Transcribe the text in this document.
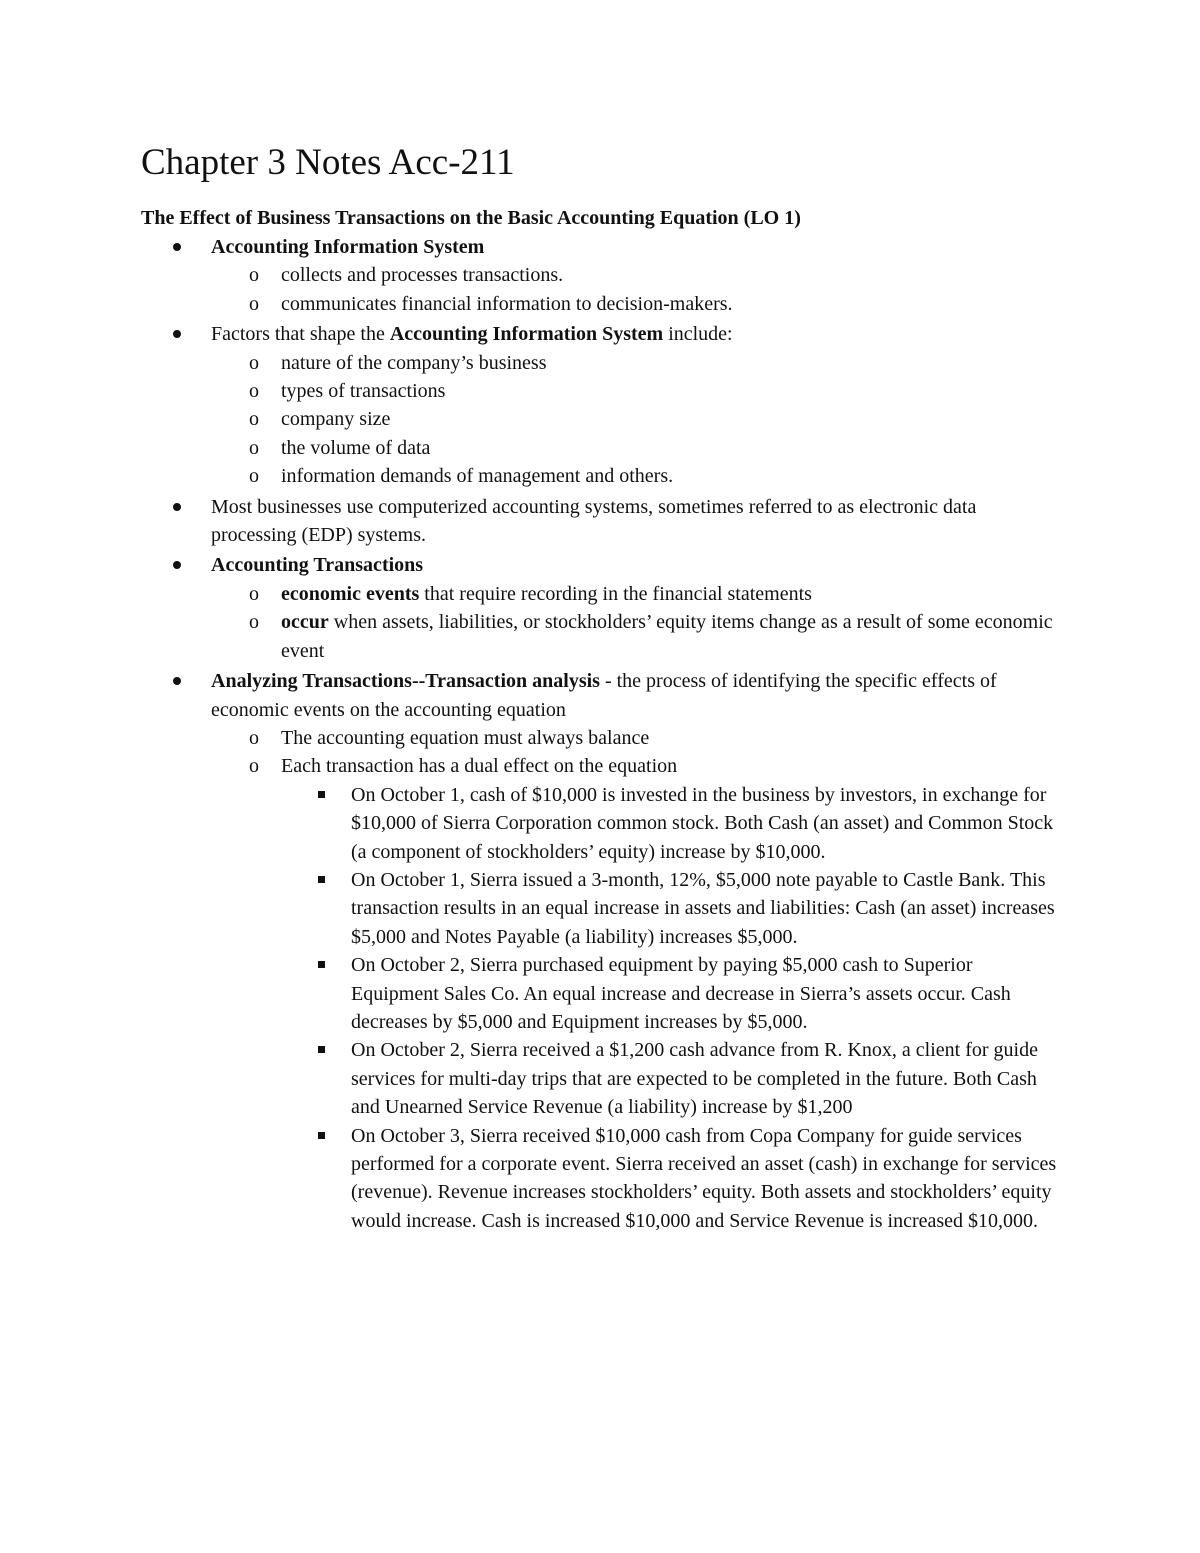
Chapter 3 Notes Acc-211
The Effect of Business Transactions on the Basic Accounting Equation (LO 1)
Accounting Information System
o collects and processes transactions.
o communicates financial information to decision-makers.
Factors that shape the Accounting Information System include:
o nature of the company’s business
o types of transactions
o company size
o the volume of data
o information demands of management and others.
Most businesses use computerized accounting systems, sometimes referred to as electronic data processing (EDP) systems.
Accounting Transactions
o economic events that require recording in the financial statements
o occur when assets, liabilities, or stockholders’ equity items change as a result of some economic event
Analyzing Transactions--Transaction analysis - the process of identifying the specific effects of economic events on the accounting equation
o The accounting equation must always balance
o Each transaction has a dual effect on the equation
On October 1, cash of $10,000 is invested in the business by investors, in exchange for $10,000 of Sierra Corporation common stock. Both Cash (an asset) and Common Stock (a component of stockholders’ equity) increase by $10,000.
On October 1, Sierra issued a 3-month, 12%, $5,000 note payable to Castle Bank. This transaction results in an equal increase in assets and liabilities: Cash (an asset) increases $5,000 and Notes Payable (a liability) increases $5,000.
On October 2, Sierra purchased equipment by paying $5,000 cash to Superior Equipment Sales Co. An equal increase and decrease in Sierra’s assets occur. Cash decreases by $5,000 and Equipment increases by $5,000.
On October 2, Sierra received a $1,200 cash advance from R. Knox, a client for guide services for multi-day trips that are expected to be completed in the future. Both Cash and Unearned Service Revenue (a liability) increase by $1,200
On October 3, Sierra received $10,000 cash from Copa Company for guide services performed for a corporate event. Sierra received an asset (cash) in exchange for services (revenue). Revenue increases stockholders’ equity. Both assets and stockholders’ equity would increase. Cash is increased $10,000 and Service Revenue is increased $10,000.
